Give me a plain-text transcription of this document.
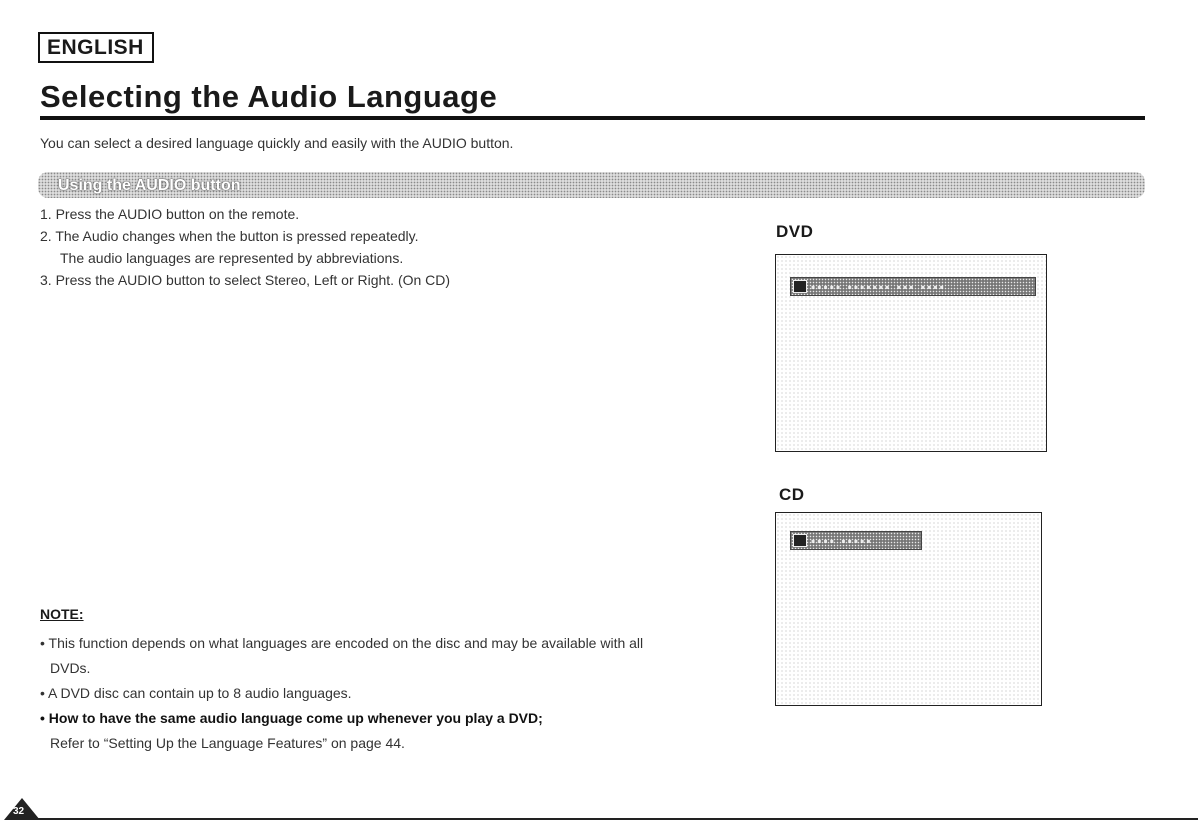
ENGLISH
Selecting the Audio Language
You can select a desired language quickly and easily with the AUDIO button.
Using the AUDIO button
1. Press the AUDIO button on the remote.
2. The Audio changes when the button is pressed repeatedly.
The audio languages are represented by abbreviations.
3. Press the AUDIO button to select Stereo, Left or Right. (On CD)
DVD
▪▪▪▪▪ ▪▪▪▪▪▪▪ ▪▪▪ ▪▪▪▪
CD
▪▪▪▪ ▪▪▪▪▪
NOTE:
• This function depends on what languages are encoded on the disc and may be available with all
DVDs.
• A DVD disc can contain up to 8 audio languages.
• How to have the same audio language come up whenever you play a DVD;
Refer to “Setting Up the Language Features” on page 44.
32
